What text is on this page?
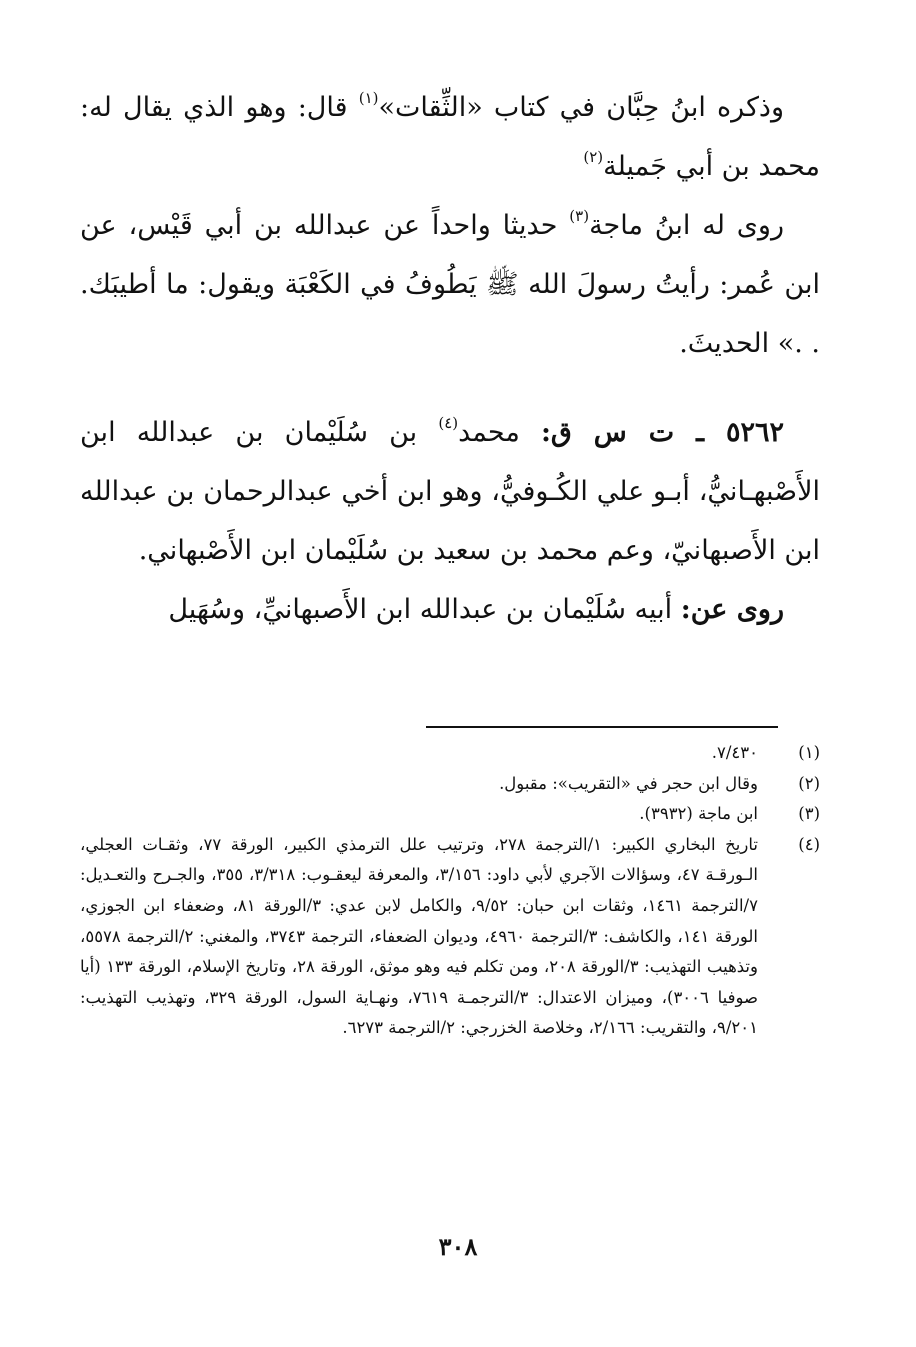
وذكره ابنُ حِبَّان في كتاب «الثِّقات»$^{(١)}$ قال: وهو الذي يقال له: محمد بن أبي جَميلة$^{(٢)}$

روى له ابنُ ماجة$^{(٣)}$ حديثا واحداً عن عبدالله بن أبي قَيْس، عن ابن عُمر: رأيتُ رسولَ الله ﷺ يَطُوفُ في الكَعْبَة ويقول: ما أطيبَك. . .» الحديثَ.

٥٢٦٢ ـ ت س ق: محمد$^{(٤)}$ بن سُلَيْمان بن عبدالله ابن الأَصْبهـانيُّ، أبـو علي الكُـوفيُّ، وهو ابن أخي عبدالرحمان بن عبدالله ابن الأَصبهانيّ، وعم محمد بن سعيد بن سُلَيْمان ابن الأَصْبهاني.

روى عن: أبيه سُلَيْمان بن عبدالله ابن الأَصبهانيِّ، وسُهَيل

(١)
٧/٤٣٠.
(٢)
وقال ابن حجر في «التقريب»: مقبول.
(٣)
ابن ماجة (٣٩٣٢).
(٤)
تاريخ البخاري الكبير: ١/الترجمة ٢٧٨، وترتيب علل الترمذي الكبير، الورقة ٧٧، وثقـات العجلي، الـورقـة ٤٧، وسؤالات الآجري لأبي داود: ٣/١٥٦، والمعرفة ليعقـوب: ٣/٣١٨، ٣٥٥، والجـرح والتعـديل: ٧/الترجمة ١٤٦١، وثقات ابن حبان: ٩/٥٢، والكامل لابن عدي: ٣/الورقة ٨١، وضعفاء ابن الجوزي، الورقة ١٤١، والكاشف: ٣/الترجمة ٤٩٦٠، وديوان الضعفاء، الترجمة ٣٧٤٣، والمغني: ٢/الترجمة ٥٥٧٨، وتذهيب التهذيب: ٣/الورقة ٢٠٨، ومن تكلم فيه وهو موثق، الورقة ٢٨، وتاريخ الإسلام، الورقة ١٣٣ (أيا صوفيا ٣٠٠٦)، وميزان الاعتدال: ٣/الترجمـة ٧٦١٩، ونهـاية السول، الورقة ٣٢٩، وتهذيب التهذيب: ٩/٢٠١، والتقريب: ٢/١٦٦، وخلاصة الخزرجي: ٢/الترجمة ٦٢٧٣.
٣٠٨
